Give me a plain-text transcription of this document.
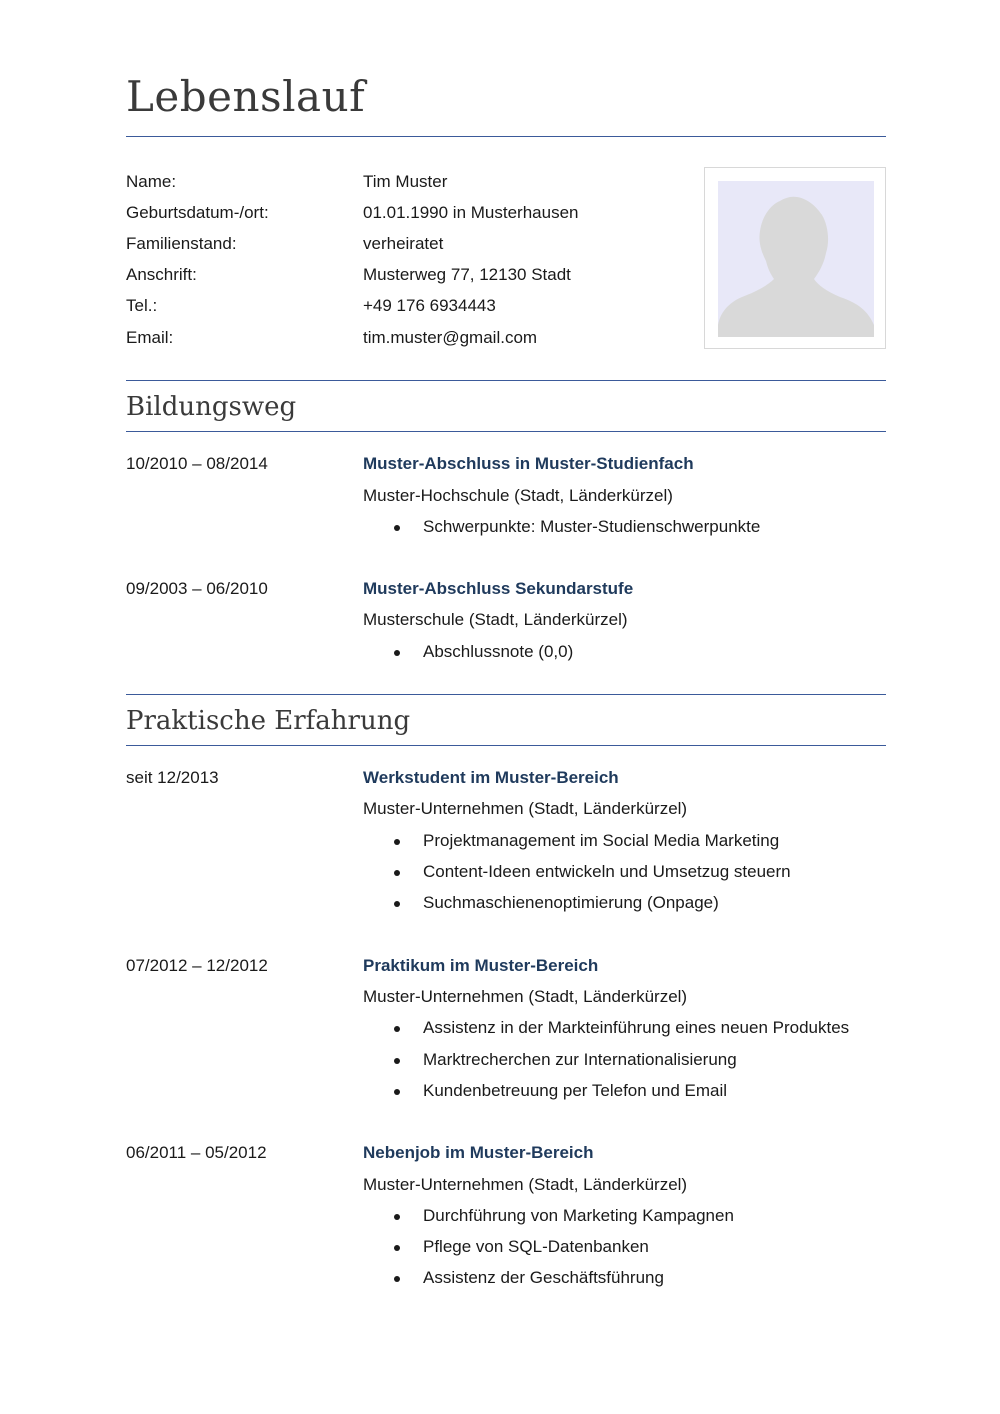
Lebenslauf
Name:	Tim Muster
Geburtsdatum-/ort:	01.01.1990 in Musterhausen
Familienstand:	verheiratet
Anschrift:	Musterweg 77, 12130 Stadt
Tel.:	+49 176 6934443
Email:	tim.muster@gmail.com
Bildungsweg
10/2010 – 08/2014	Muster-Abschluss in Muster-Studienfach
Muster-Hochschule (Stadt, Länderkürzel)
Schwerpunkte: Muster-Studienschwerpunkte
09/2003 – 06/2010	Muster-Abschluss Sekundarstufe
Musterschule (Stadt, Länderkürzel)
Abschlussnote (0,0)
Praktische Erfahrung
seit 12/2013	Werkstudent im Muster-Bereich
Muster-Unternehmen (Stadt, Länderkürzel)
Projektmanagement im Social Media Marketing
Content-Ideen entwickeln und Umsetzug steuern
Suchmaschienenoptimierung (Onpage)
07/2012 – 12/2012	Praktikum im Muster-Bereich
Muster-Unternehmen (Stadt, Länderkürzel)
Assistenz in der Markteinführung eines neuen Produktes
Marktrecherchen zur Internationalisierung
Kundenbetreuung per Telefon und Email
06/2011 – 05/2012	Nebenjob im Muster-Bereich
Muster-Unternehmen (Stadt, Länderkürzel)
Durchführung von Marketing Kampagnen
Pflege von SQL-Datenbanken
Assistenz der Geschäftsführung
